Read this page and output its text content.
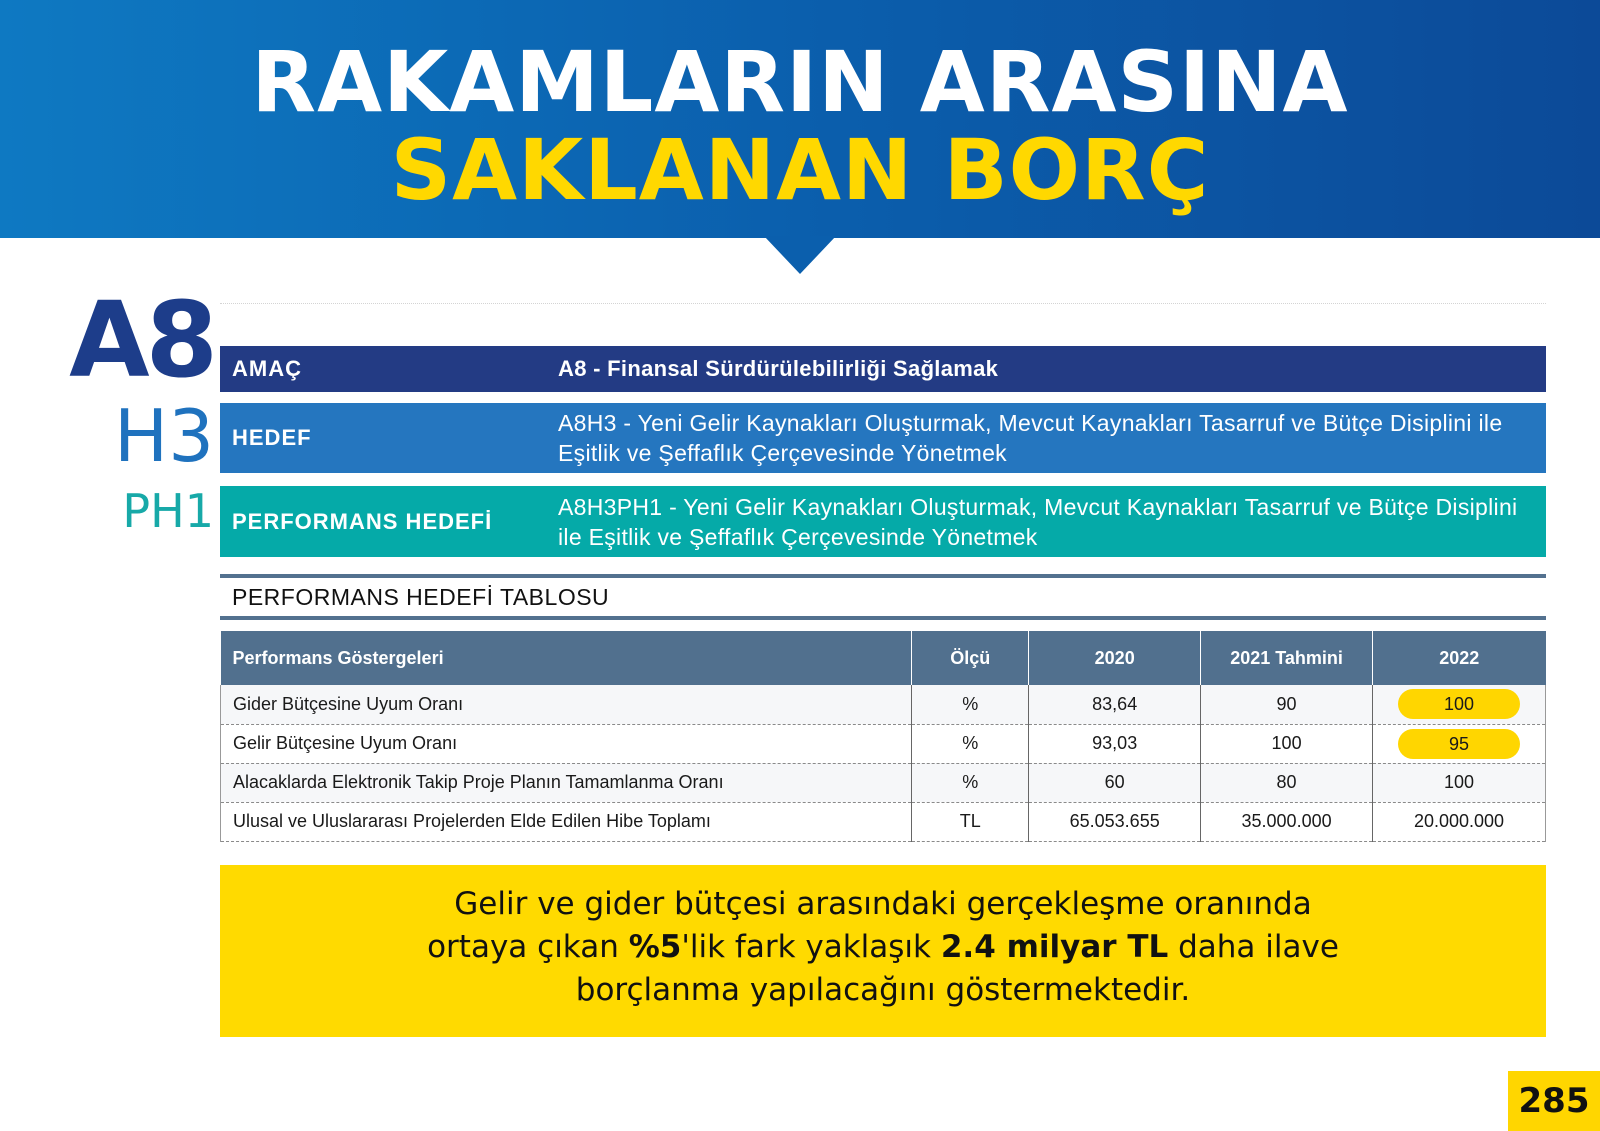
RAKAMLARIN ARASINA
SAKLANAN BORÇ
A8
H3
PH1
AMAÇ	A8 - Finansal Sürdürülebilirliği Sağlamak
HEDEF
A8H3 - Yeni Gelir Kaynakları Oluşturmak, Mevcut Kaynakları Tasarruf ve Bütçe Disiplini ile Eşitlik ve Şeffaflık Çerçevesinde Yönetmek
PERFORMANS HEDEFİ
A8H3PH1 - Yeni Gelir Kaynakları Oluşturmak, Mevcut Kaynakları Tasarruf ve Bütçe Disiplini ile Eşitlik ve Şeffaflık Çerçevesinde Yönetmek
PERFORMANS HEDEFİ TABLOSU
Performans Göstergeleri	Ölçü	2020	2021 Tahmini	2022
Gider Bütçesine Uyum Oranı	%	83,64	90	100
Gelir Bütçesine Uyum Oranı	%	93,03	100	95
Alacaklarda Elektronik Takip Proje Planın Tamamlanma Oranı	%	60	80	100
Ulusal ve Uluslararası Projelerden Elde Edilen Hibe Toplamı	TL	65.053.655	35.000.000	20.000.000
Gelir ve gider bütçesi arasındaki gerçekleşme oranında
ortaya çıkan %5'lik fark yaklaşık 2.4 milyar TL daha ilave
borçlanma yapılacağını göstermektedir.
285
